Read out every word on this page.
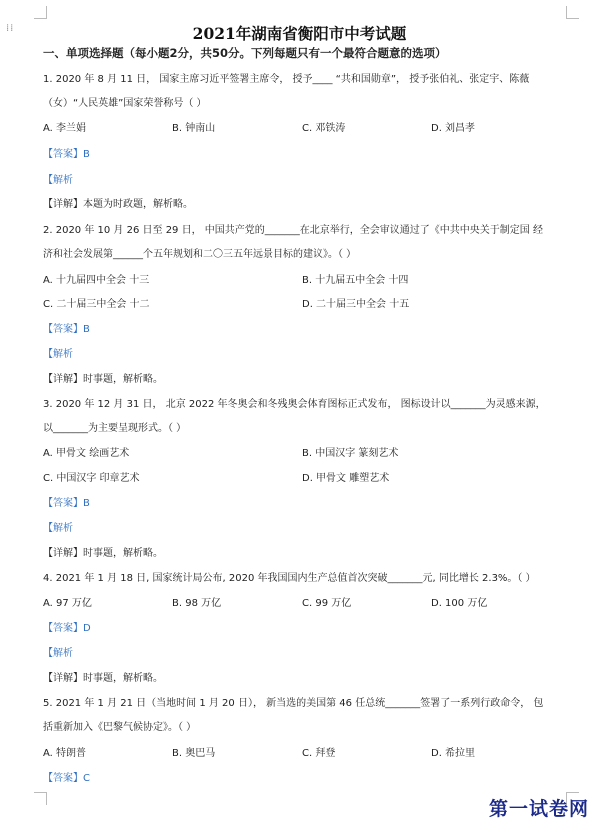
⁞⁞	2021年湖南省衡阳市中考试题
一、单项选择题（每小题2分，共50分。下列每题只有一个最符合题意的选项）
1. 2020 年 8 月 11 日， 国家主席习近平签署主席令， 授予____ “共和国勋章”， 授予张伯礼、张定宇、陈薇
（女）“人民英雄”国家荣誉称号（ ）
A. 李兰娟	B. 钟南山	C. 邓铁涛	D. 刘昌孝
【答案】B
【解析
【详解】本题为时政题，解析略。
2. 2020 年 10 月 26 日至 29 日， 中国共产党的_______在北京举行，全会审议通过了《中共中央关于制定国 经
济和社会发展第______个五年规划和二〇三五年远景目标的建议》。（ ）
A. 十九届四中全会 十三	B. 十九届五中全会 十四
C. 二十届三中全会 十二	D. 二十届三中全会 十五
【答案】B
【解析
【详解】时事题，解析略。
3. 2020 年 12 月 31 日， 北京 2022 年冬奥会和冬残奥会体育图标正式发布， 图标设计以_______为灵感来源，
以_______为主要呈现形式。（ ）
A. 甲骨文 绘画艺术	B. 中国汉字 篆刻艺术
C. 中国汉字 印章艺术	D. 甲骨文 雕塑艺术
【答案】B
【解析
【详解】时事题，解析略。
4. 2021 年 1 月 18 日, 国家统计局公布, 2020 年我国国内生产总值首次突破_______元, 同比增长 2.3%。（ ）
A. 97 万亿	B. 98 万亿	C. 99 万亿	D. 100 万亿
【答案】D
【解析
【详解】时事题，解析略。
5. 2021 年 1 月 21 日（当地时间 1 月 20 日）， 新当选的美国第 46 任总统_______签署了一系列行政命令， 包
括重新加入《巴黎气候协定》。（ ）
A. 特朗普	B. 奥巴马	C. 拜登	D. 希拉里
【答案】C
第一试卷网
